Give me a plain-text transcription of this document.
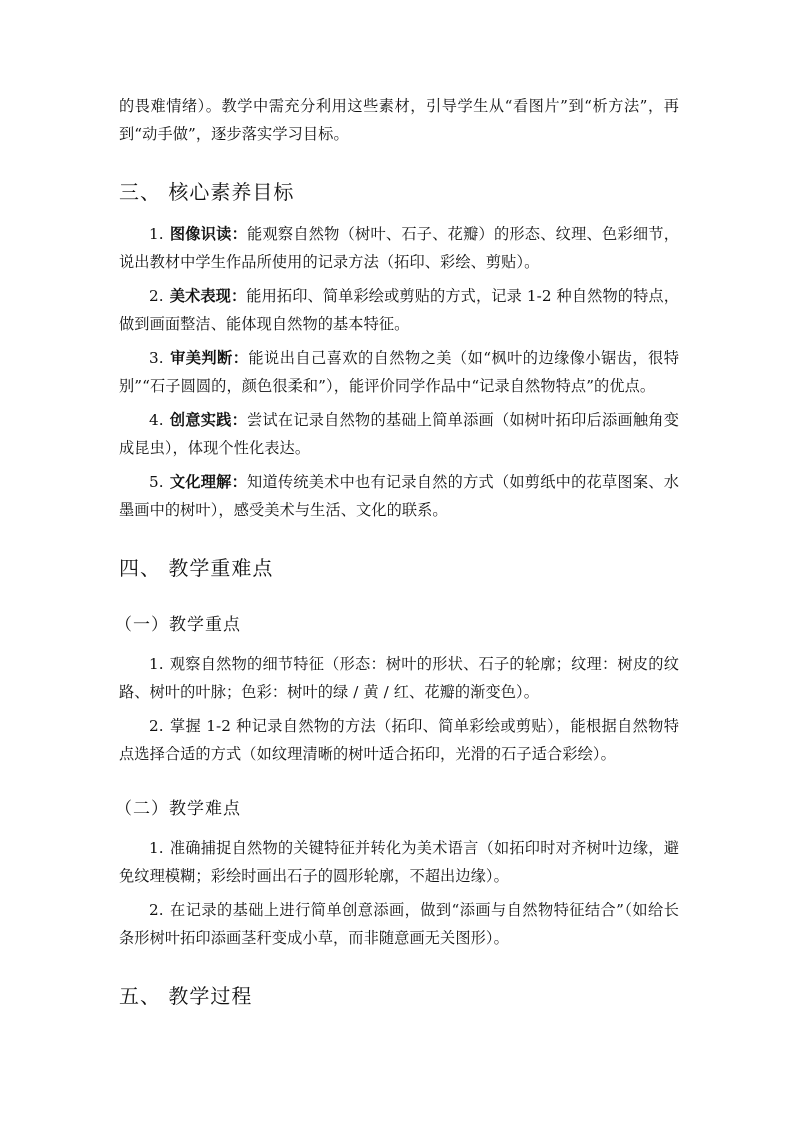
的畏难情绪）。教学中需充分利用这些素材，引导学生从“看图片”到“析方法”，再到“动手做”，逐步落实学习目标。

三、 核心素养目标

1. 图像识读：能观察自然物（树叶、石子、花瓣）的形态、纹理、色彩细节，说出教材中学生作品所使用的记录方法（拓印、彩绘、剪贴）。

2. 美术表现：能用拓印、简单彩绘或剪贴的方式，记录 1-2 种自然物的特点，做到画面整洁、能体现自然物的基本特征。

3. 审美判断：能说出自己喜欢的自然物之美（如“枫叶的边缘像小锯齿，很特别”“石子圆圆的，颜色很柔和”），能评价同学作品中“记录自然物特点”的优点。

4. 创意实践：尝试在记录自然物的基础上简单添画（如树叶拓印后添画触角变成昆虫），体现个性化表达。

5. 文化理解：知道传统美术中也有记录自然的方式（如剪纸中的花草图案、水墨画中的树叶），感受美术与生活、文化的联系。

四、 教学重难点
（一）教学重点

1. 观察自然物的细节特征（形态：树叶的形状、石子的轮廓；纹理：树皮的纹路、树叶的叶脉；色彩：树叶的绿 / 黄 / 红、花瓣的渐变色）。

2. 掌握 1-2 种记录自然物的方法（拓印、简单彩绘或剪贴），能根据自然物特点选择合适的方式（如纹理清晰的树叶适合拓印，光滑的石子适合彩绘）。

（二）教学难点

1. 准确捕捉自然物的关键特征并转化为美术语言（如拓印时对齐树叶边缘，避免纹理模糊；彩绘时画出石子的圆形轮廓，不超出边缘）。

2. 在记录的基础上进行简单创意添画，做到“添画与自然物特征结合”（如给长条形树叶拓印添画茎秆变成小草，而非随意画无关图形）。

五、 教学过程
